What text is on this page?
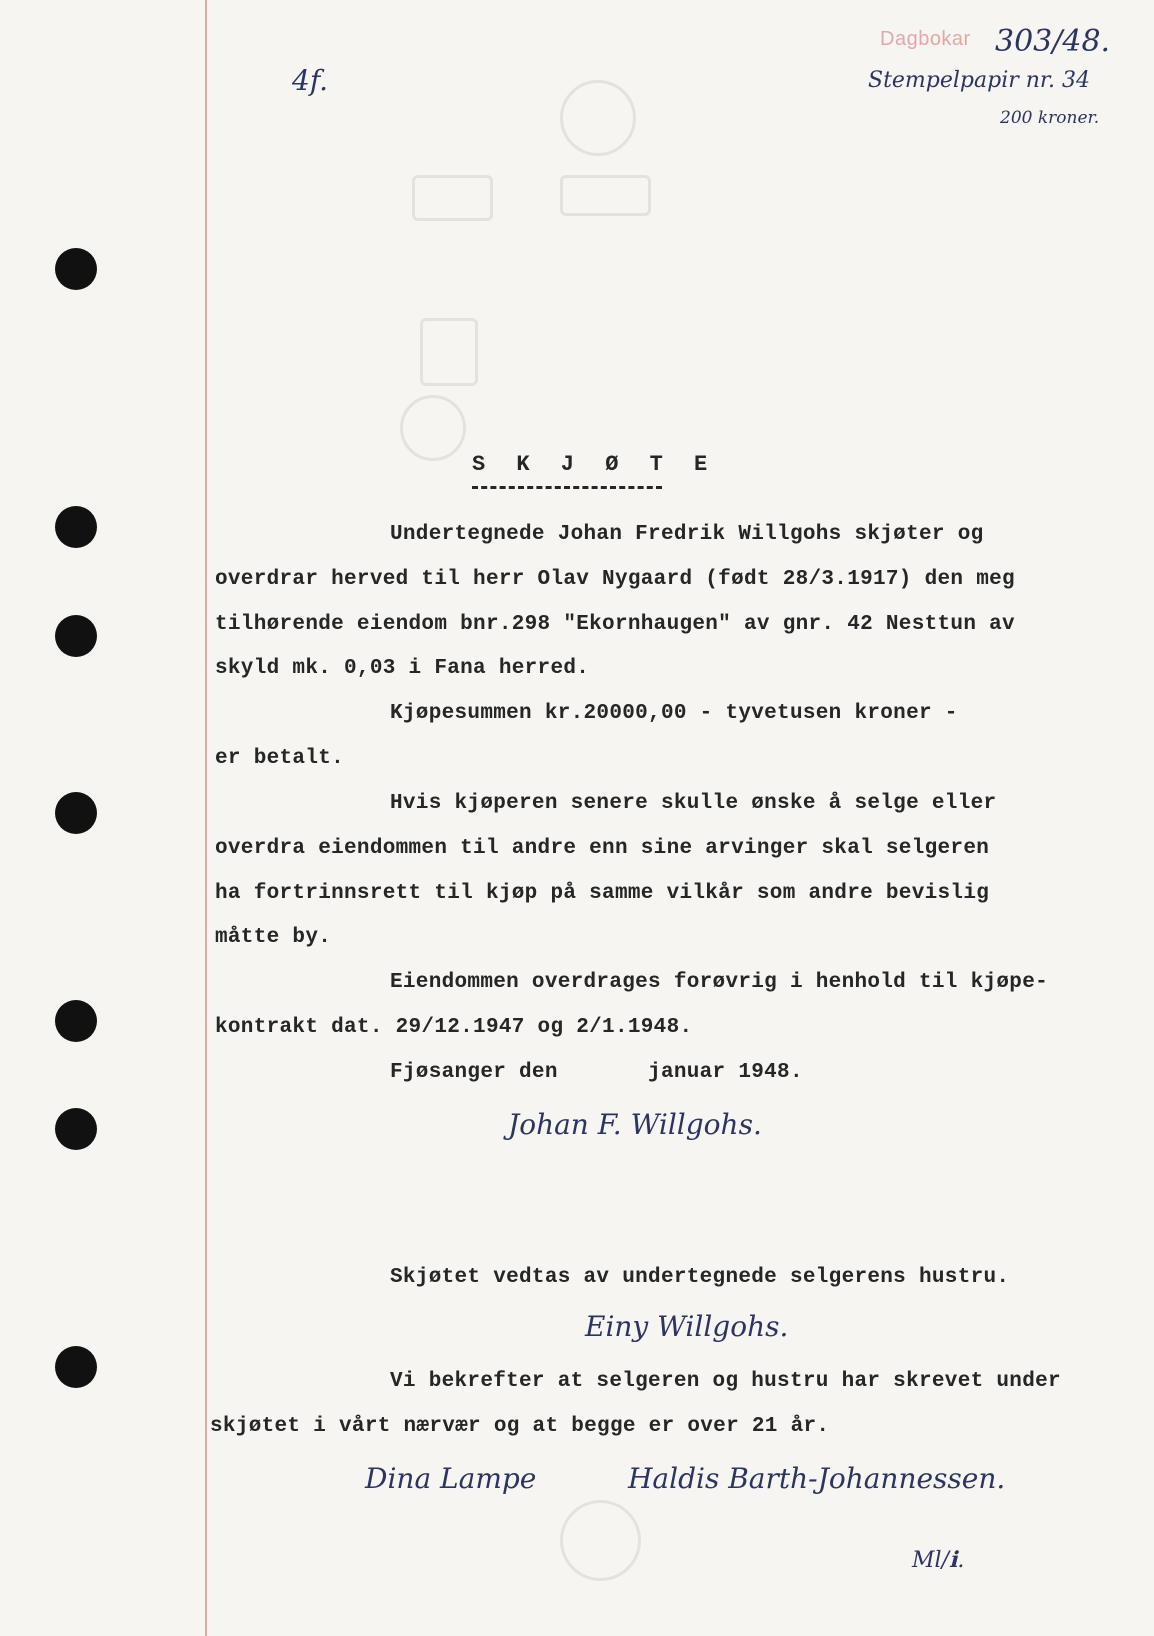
Dagbokar 303/48.
Stempelpapir nr. 34
200 kroner.
4f.
S K J Ø T E
Undertegnede Johan Fredrik Willgohs skjøter og
overdrar herved til herr Olav Nygaard (født 28/3.1917) den meg
tilhørende eiendom bnr.298 "Ekornhaugen" av gnr. 42 Nesttun av
skyld mk. 0,03 i Fana herred.
Kjøpesummen kr.20000,00 - tyvetusen kroner -
er betalt.
Hvis kjøperen senere skulle ønske å selge eller
overdra eiendommen til andre enn sine arvinger skal selgeren
ha fortrinnsrett til kjøp på samme vilkår som andre bevislig
måtte by.
Eiendommen overdrages forøvrig i henhold til kjøpe-
kontrakt dat. 29/12.1947 og 2/1.1948.
Fjøsanger den       januar 1948.
Johan F. Willgohs.
Skjøtet vedtas av undertegnede selgerens hustru.
Einy Willgohs.
Vi bekrefter at selgeren og hustru har skrevet under
skjøtet i vårt nærvær og at begge er over 21 år.
Dina Lampe	Haldis Barth-Johannessen.
Ml/ℹ.
